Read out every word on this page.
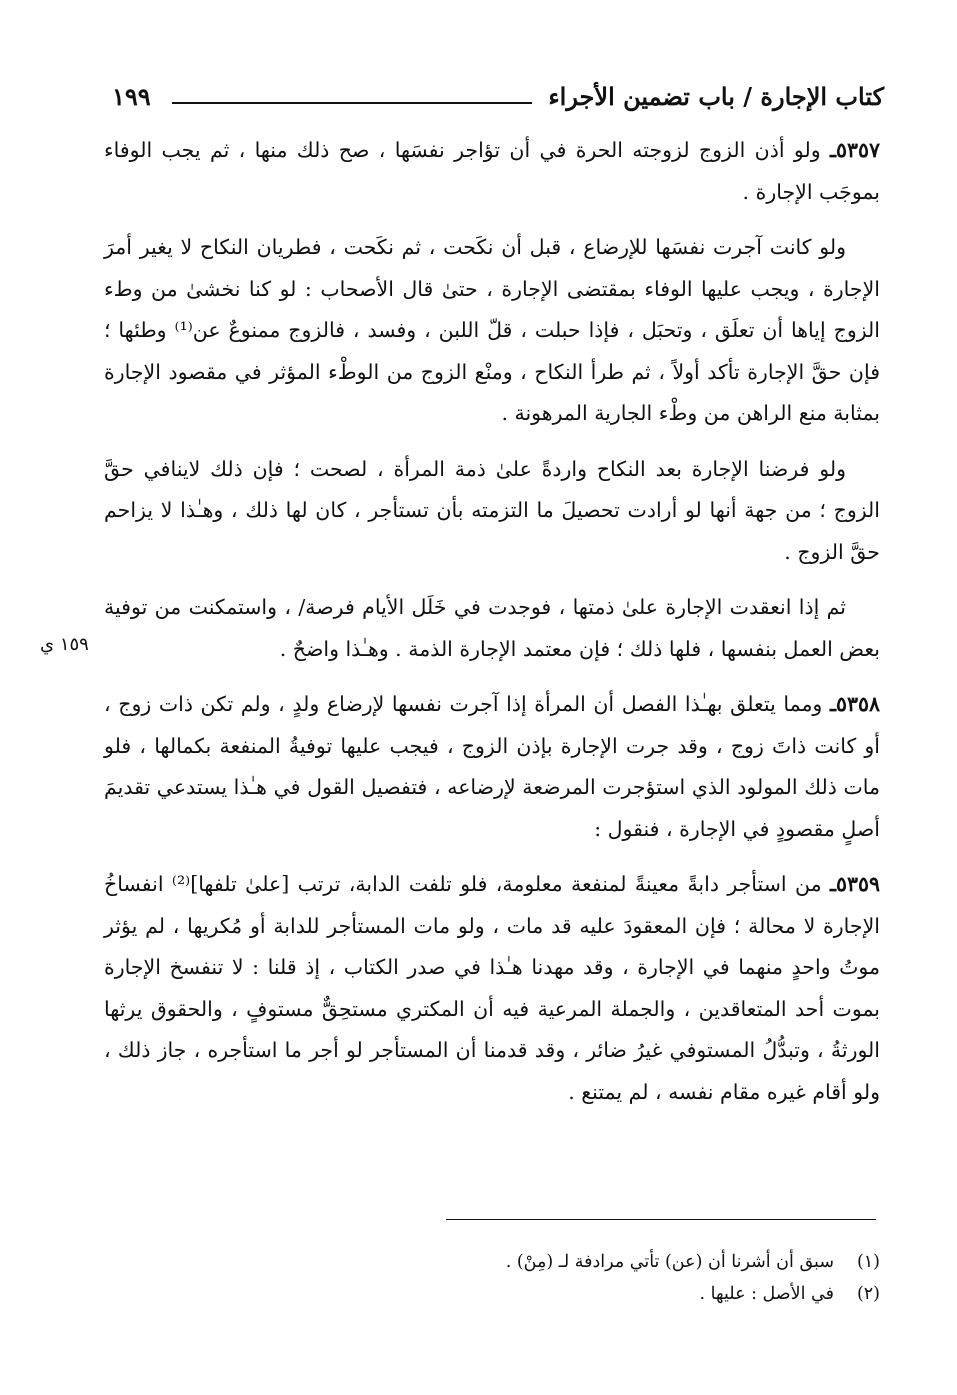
كتاب الإجارة / باب تضمين الأجراء
١٩٩

٥٣٥٧ـ ولو أذن الزوج لزوجته الحرة في أن تؤاجر نفسَها ، صح ذلك منها ، ثم يجب الوفاء بموجَب الإجارة .

ولو كانت آجرت نفسَها للإرضاع ، قبل أن نكَحت ، ثم نكَحت ، فطريان النكاح لا يغير أمرَ الإجارة ، ويجب عليها الوفاء بمقتضى الإجارة ، حتىٰ قال الأصحاب : لو كنا نخشىٰ من وطء الزوج إياها أن تعلَق ، وتحبَل ، فإذا حبلت ، قلّ اللبن ، وفسد ، فالزوج ممنوعٌ عن⁽¹⁾ وطئها ؛ فإن حقَّ الإجارة تأكد أولاً ، ثم طرأ النكاح ، ومنْع الزوج من الوطْء المؤثر في مقصود الإجارة بمثابة منع الراهن من وطْء الجارية المرهونة .

ولو فرضنا الإجارة بعد النكاح واردةً علىٰ ذمة المرأة ، لصحت ؛ فإن ذلك لاينافي حقَّ الزوج ؛ من جهة أنها لو أرادت تحصيلَ ما التزمته بأن تستأجر ، كان لها ذلك ، وهـٰذا لا يزاحم حقَّ الزوج .

ثم إذا انعقدت الإجارة علىٰ ذمتها ، فوجدت في خَلَل الأيام فرصة/ ، واستمكنت من توفية بعض العمل بنفسها ، فلها ذلك ؛ فإن معتمد الإجارة الذمة . وهـٰذا واضحٌ .

٥٣٥٨ـ ومما يتعلق بهـٰذا الفصل أن المرأة إذا آجرت نفسها لإرضاع ولدٍ ، ولم تكن ذات زوج ، أو كانت ذاتَ زوج ، وقد جرت الإجارة بإذن الزوج ، فيجب عليها توفيةُ المنفعة بكمالها ، فلو مات ذلك المولود الذي استؤجرت المرضعة لإرضاعه ، فتفصيل القول في هـٰذا يستدعي تقديمَ أصلٍ مقصودٍ في الإجارة ، فنقول :

٥٣٥٩ـ من استأجر دابةً معينةً لمنفعة معلومة، فلو تلفت الدابة، ترتب [علىٰ تلفها]⁽²⁾ انفساخُ الإجارة لا محالة ؛ فإن المعقودَ عليه قد مات ، ولو مات المستأجر للدابة أو مُكريها ، لم يؤثر موتُ واحدٍ منهما في الإجارة ، وقد مهدنا هـٰذا في صدر الكتاب ، إذ قلنا : لا تنفسخ الإجارة بموت أحد المتعاقدين ، والجملة المرعية فيه أن المكتري مستحِقٌّ مستوفٍ ، والحقوق يرثها الورثةُ ، وتبدُّلُ المستوفي غيرُ ضائر ، وقد قدمنا أن المستأجر لو أجر ما استأجره ، جاز ذلك ، ولو أقام غيره مقام نفسه ، لم يمتنع .

١٥٩ ي
(١)سبق أن أشرنا أن (عن) تأتي مرادفة لـ (مِنْ) .
(٢)في الأصل : عليها .
